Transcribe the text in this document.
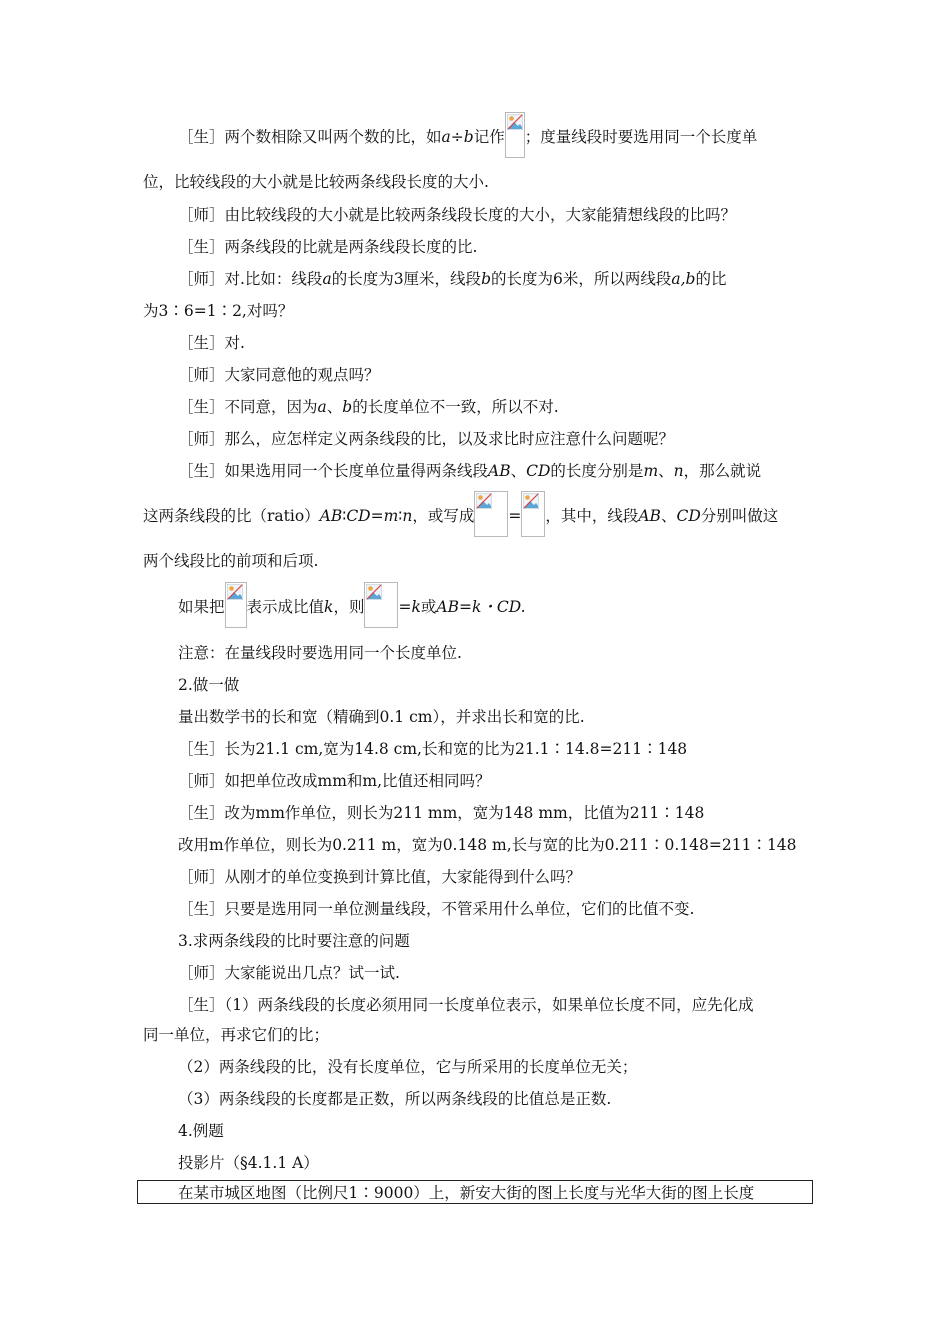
［生］两个数相除又叫两个数的比，如a÷b记作 ；度量线段时要选用同一个长度单
位，比较线段的大小就是比较两条线段长度的大小.
［师］由比较线段的大小就是比较两条线段长度的大小，大家能猜想线段的比吗？
［生］两条线段的比就是两条线段长度的比.
［师］对.比如：线段a的长度为3厘米，线段b的长度为6米，所以两线段a,b的比
为3∶6=1∶2,对吗？
［生］对.
［师］大家同意他的观点吗？
［生］不同意，因为a、b的长度单位不一致，所以不对.
［师］那么，应怎样定义两条线段的比，以及求比时应注意什么问题呢？
［生］如果选用同一个长度单位量得两条线段AB、CD的长度分别是m、n，那么就说
这两条线段的比（ratio）AB∶CD=m∶n，或写成 = ，其中，线段AB、CD分别叫做这
两个线段比的前项和后项.
如果把 表示成比值k，则 =k或AB=k・CD.
注意：在量线段时要选用同一个长度单位.
2.做一做
量出数学书的长和宽（精确到0.1 cm），并求出长和宽的比.
［生］长为21.1 cm,宽为14.8 cm,长和宽的比为21.1∶14.8=211∶148
［师］如把单位改成mm和m,比值还相同吗？
［生］改为mm作单位，则长为211 mm，宽为148 mm，比值为211∶148
改用m作单位，则长为0.211 m，宽为0.148 m,长与宽的比为0.211∶0.148=211∶148
［师］从刚才的单位变换到计算比值，大家能得到什么吗？
［生］只要是选用同一单位测量线段，不管采用什么单位，它们的比值不变.
3.求两条线段的比时要注意的问题
［师］大家能说出几点？试一试.
［生］（1）两条线段的长度必须用同一长度单位表示，如果单位长度不同，应先化成
同一单位，再求它们的比；
（2）两条线段的比，没有长度单位，它与所采用的长度单位无关；
（3）两条线段的长度都是正数，所以两条线段的比值总是正数.
4.例题
投影片（§4.1.1 A）
在某市城区地图（比例尺1∶9000）上，新安大街的图上长度与光华大街的图上长度
